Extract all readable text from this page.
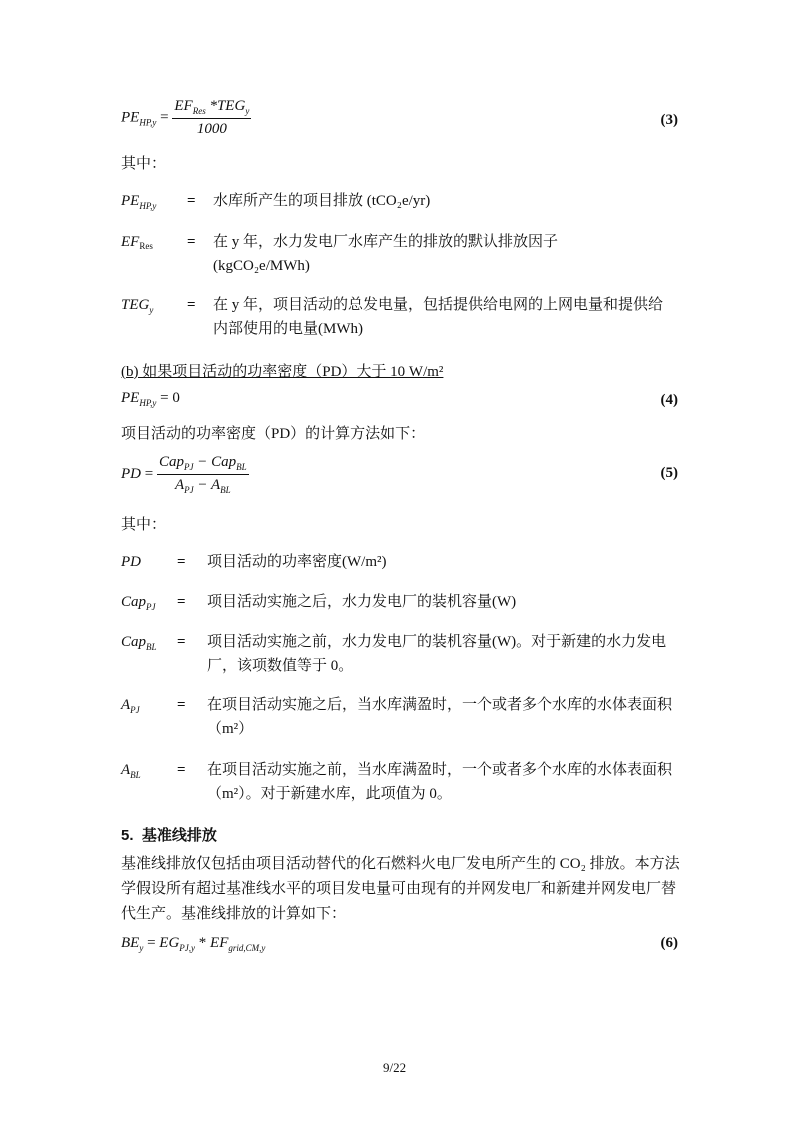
$PE_{HP,y} = \frac{EF_{Res} *TEG_y}{1000}$	(3)
其中：
$PE_{HP,y}$ = 水库所产生的项目排放 (tCO₂e/yr)
$EF_{Res}$ = 在 y 年，水力发电厂水库产生的排放的默认排放因子 (kgCO₂e/MWh)
$TEG_y$ = 在 y 年，项目活动的总发电量，包括提供给电网的上网电量和提供给内部使用的电量(MWh)
(b) 如果项目活动的功率密度（PD）大于 10 W/m²
$PE_{HP,y} = 0$	(4)
项目活动的功率密度（PD）的计算方法如下：
PD = $\frac{Cap_{PJ} - Cap_{BL}}{A_{PJ} - A_{BL}}$	(5)
其中：
PD = 项目活动的功率密度(W/m²)
Cap$_{PJ}$ = 项目活动实施之后，水力发电厂的装机容量(W)
Cap$_{BL}$ = 项目活动实施之前，水力发电厂的装机容量(W)。对于新建的水力发电厂，该项数值等于 0。
$A_{PJ}$ = 在项目活动实施之后，当水库满盈时，一个或者多个水库的水体表面积（m²）
$A_{BL}$ = 在项目活动实施之前，当水库满盈时，一个或者多个水库的水体表面积（m²）。对于新建水库，此项值为 0。
5. 基准线排放
基准线排放仅包括由项目活动替代的化石燃料火电厂发电所产生的 CO₂ 排放。本方法学假设所有超过基准线水平的项目发电量可由现有的并网发电厂和新建并网发电厂替代生产。基准线排放的计算如下：
$BE_y = EG_{PJ,y} * EF_{grid,CM,y}$	(6)
9/22
